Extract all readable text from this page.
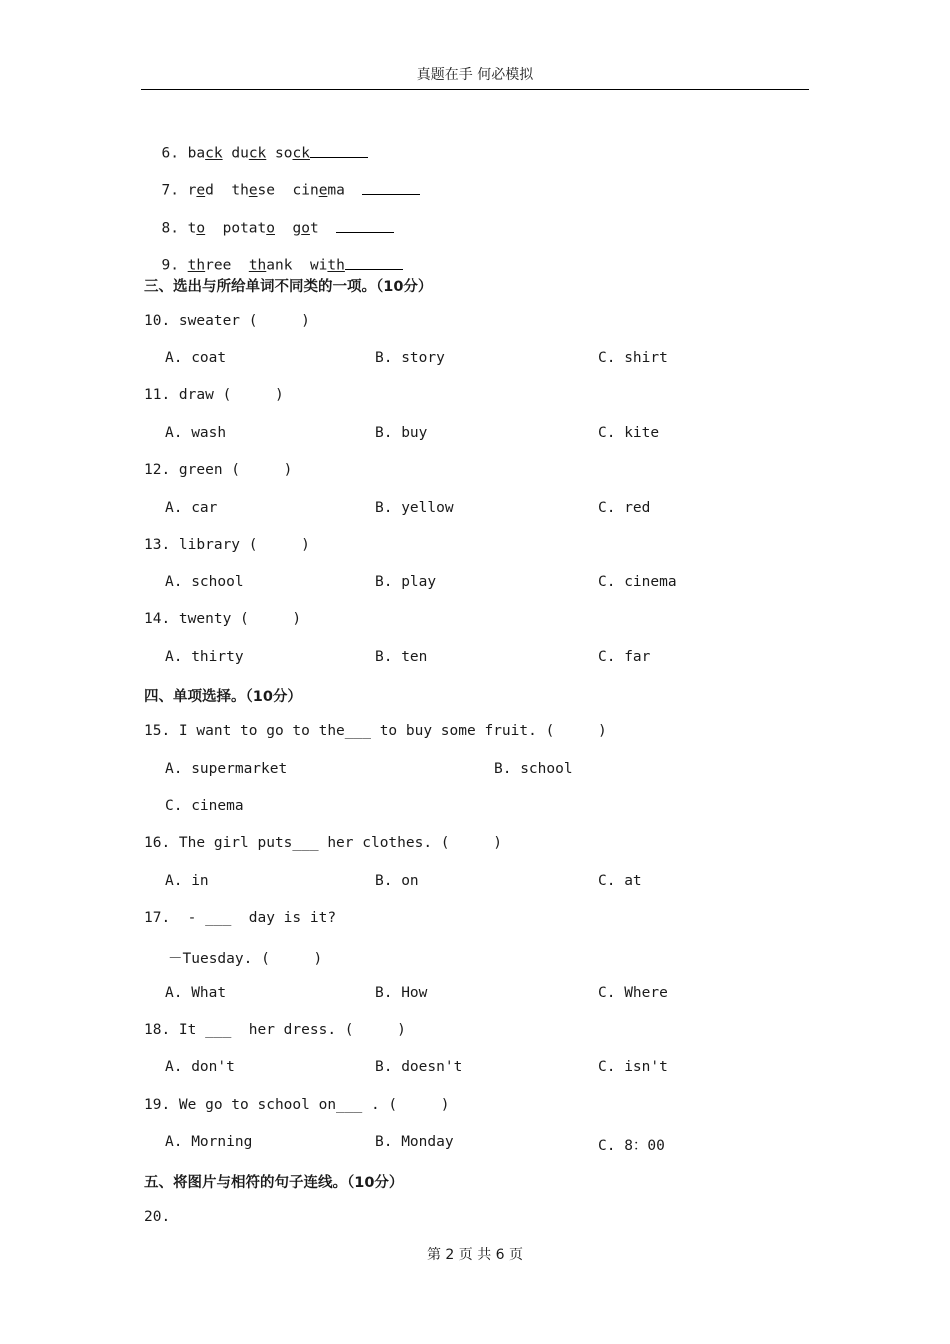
真题在手 何必模拟

6. back duck sock

7. red these cinema

8. to potato got

9. three thank with

三、选出与所给单词不同类的一项。（10分）
10. sweater (     )
A. coat	B. story	C. shirt
11. draw (     )
A. wash	B. buy	C. kite
12. green (     )
A. car	B. yellow	C. red
13. library (     )
A. school	B. play	C. cinema
14. twenty (     )
A. thirty	B. ten	C. far
四、单项选择。（10分）
15. I want to go to the___ to buy some fruit. (     )
A. supermarket	B. school
C. cinema
16. The girl puts___ her clothes. (     )
A. in	B. on	C. at
17.  - ___  day is it?
－Tuesday. (     )
A. What	B. How	C. Where
18. It ___  her dress. (     )
A. don't	B. doesn't	C. isn't
19. We go to school on___ . (     )
A. Morning	B. Monday	C. 8：00
五、将图片与相符的句子连线。（10分）
20.
第 2 页 共 6 页
